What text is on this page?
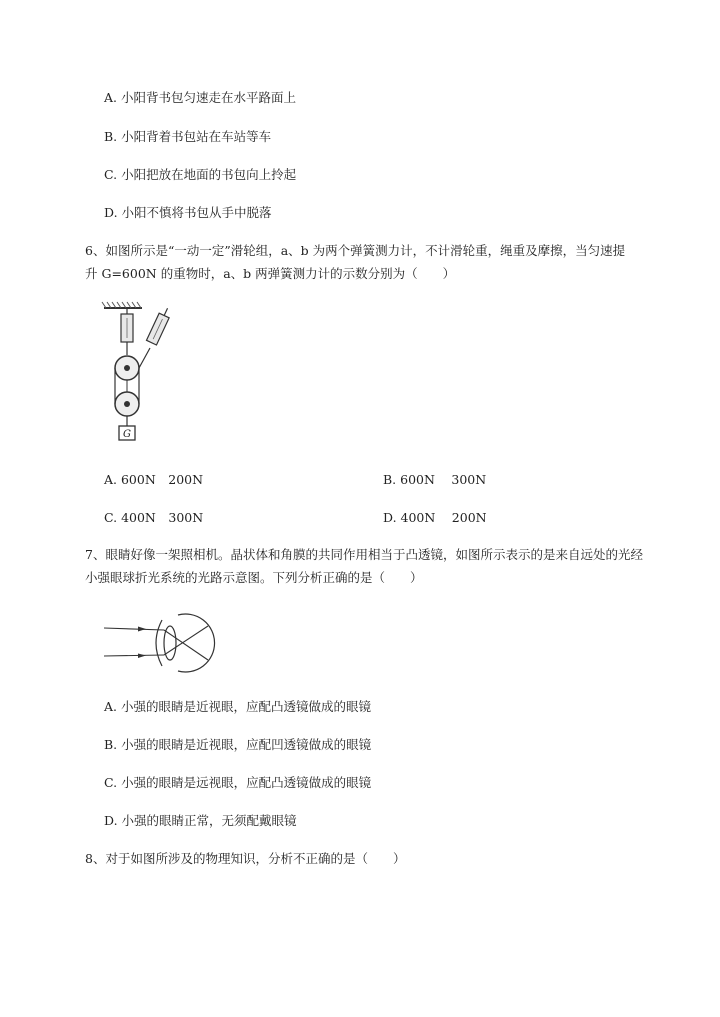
A. 小阳背书包匀速走在水平路面上
B. 小阳背着书包站在车站等车
C. 小阳把放在地面的书包向上拎起
D. 小阳不慎将书包从手中脱落
6、如图所示是“一动一定”滑轮组，a、b 为两个弹簧测力计，不计滑轮重，绳重及摩擦，当匀速提
升 G=600N 的重物时，a、b 两弹簧测力计的示数分别为（　　）
G
A. 600N　200N	B. 600N　 300N
C. 400N　300N	D. 400N　 200N
7、眼睛好像一架照相机。晶状体和角膜的共同作用相当于凸透镜，如图所示表示的是来自远处的光经
小强眼球折光系统的光路示意图。下列分析正确的是（　　）
A. 小强的眼睛是近视眼，应配凸透镜做成的眼镜
B. 小强的眼睛是近视眼，应配凹透镜做成的眼镜
C. 小强的眼睛是远视眼，应配凸透镜做成的眼镜
D. 小强的眼睛正常，无须配戴眼镜
8、对于如图所涉及的物理知识，分析不正确的是（　　）
